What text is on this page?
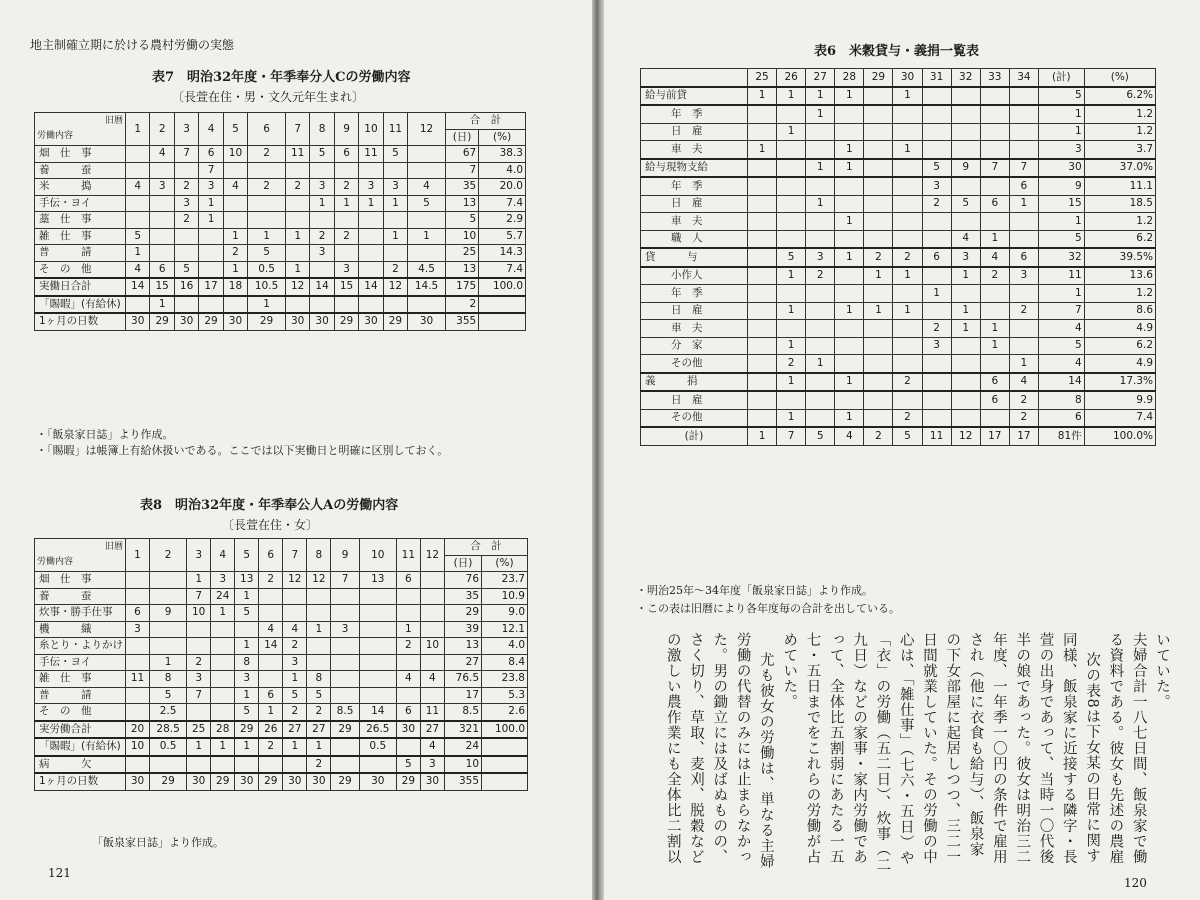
地主制確立期に於ける農村労働の実態
表7　明治32年度・年季奉分人Cの労働内容
〔長萱在住・男・文久元年生まれ〕
旧暦
労働内容	1	2	3	4	5	6	7	8	9	10	11	12	合　計	
													(日)	(%)
畑　仕　事		4	7	6	10	2	11	5	6	11	5		67	38.3
養　　　蚕				7									7	4.0
米　　　搗	4	3	2	3	4	2	2	3	2	3	3	4	35	20.0
手伝・ヨイ			3	1				1	1	1	1	5	13	7.4
藁　仕　事			2	1									5	2.9
雑　仕　事	5				1	1	1	2	2		1	1	10	5.7
普　　　請	1				2	5		3					25	14.3
そ　の　他	4	6	5		1	0.5	1		3		2	4.5	13	7.4
実働日合計	14	15	16	17	18	10.5	12	14	15	14	12	14.5	175	100.0
「賜暇」(有給休)		1				1							2	
1ヶ月の日数	30	29	30	29	30	29	30	30	29	30	29	30	355	
・「飯泉家日誌」より作成。
・「賜暇」は帳簿上有給休扱いである。ここでは以下実働日と明確に区別しておく。
表8　明治32年度・年季奉公人Aの労働内容
〔長萱在住・女〕
旧暦
労働内容	1	2	3	4	5	6	7	8	9	10	11	12	合　計	
													(日)	(%)
畑　仕　事			1	3	13	2	12	12	7	13	6		76	23.7
養　　　蚕			7	24	1								35	10.9
炊事・勝手仕事	6	9	10	1	5								29	9.0
機　　　織	3					4	4	1	3		1		39	12.1
糸とり・よりかけ					1	14	2				2	10	13	4.0
手伝・ヨイ		1	2		8		3						27	8.4
雑　仕　事	11	8	3		3		1	8			4	4	76.5	23.8
普　　　請		5	7		1	6	5	5					17	5.3
そ　の　他		2.5			5	1	2	2	8.5	14	6	11	8.5	2.6
実労働合計	20	28.5	25	28	29	26	27	27	29	26.5	30	27	321	100.0
「賜暇」(有給休)	10	0.5	1	1	1	2	1	1		0.5		4	24	
病　　　欠								2			5	3	10	
1ヶ月の日数	30	29	30	29	30	29	30	30	29	30	29	30	355	
「飯泉家日誌」より作成。
121
表6　米穀貸与・義捐一覧表
	25	26	27	28	29	30	31	32	33	34	(計)	(%)
給与前貸	1	1	1	1		1					5	6.2%
年　季			1								1	1.2
日　雇		1									1	1.2
車　夫	1			1		1					3	3.7
給与現物支給			1	1			5	9	7	7	30	37.0%
年　季							3			6	9	11.1
日　雇			1				2	5	6	1	15	18.5
車　夫				1							1	1.2
職　人								4	1		5	6.2
貸　　　与		5	3	1	2	2	6	3	4	6	32	39.5%
小作人		1	2		1	1		1	2	3	11	13.6
年　季							1				1	1.2
日　雇		1		1	1	1		1		2	7	8.6
車　夫							2	1	1		4	4.9
分　家		1					3		1		5	6.2
その他		2	1							1	4	4.9
義　　　捐		1		1		2			6	4	14	17.3%
日　雇									6	2	8	9.9
その他		1		1		2				2	6	7.4
(計)	1	7	5	4	2	5	11	12	17	17	81件	100.0%
・明治25年～34年度「飯泉家日誌」より作成。
・この表は旧暦により各年度毎の合計を出している。
いていた。
夫婦合計一八七日間、飯泉家で働
る資料である。彼女も先述の農雇
次の表8は下女某の日常に関す
同様、飯泉家に近接する隣字・長
萱の出身であって、当時一〇代後
半の娘であった。彼女は明治三二
年度、一年季一〇円の条件で雇用
され（他に衣食も給与）、飯泉家
の下女部屋に起居しつつ、三二一
日間就業していた。その労働の中
心は、「雑仕事」（七六・五日）や
「衣」の労働（五二日）、炊事（二
九日）などの家事・家内労働であ
って、全体比五割弱にあたる一五
七・五日までをこれらの労働が占
めていた。
尤も彼女の労働は、単なる主婦
労働の代替のみには止まらなかっ
た。男の鋤立には及ばぬものの、
さく切り、草取、麦刈、脱穀など
の激しい農作業にも全体比二割以
120
